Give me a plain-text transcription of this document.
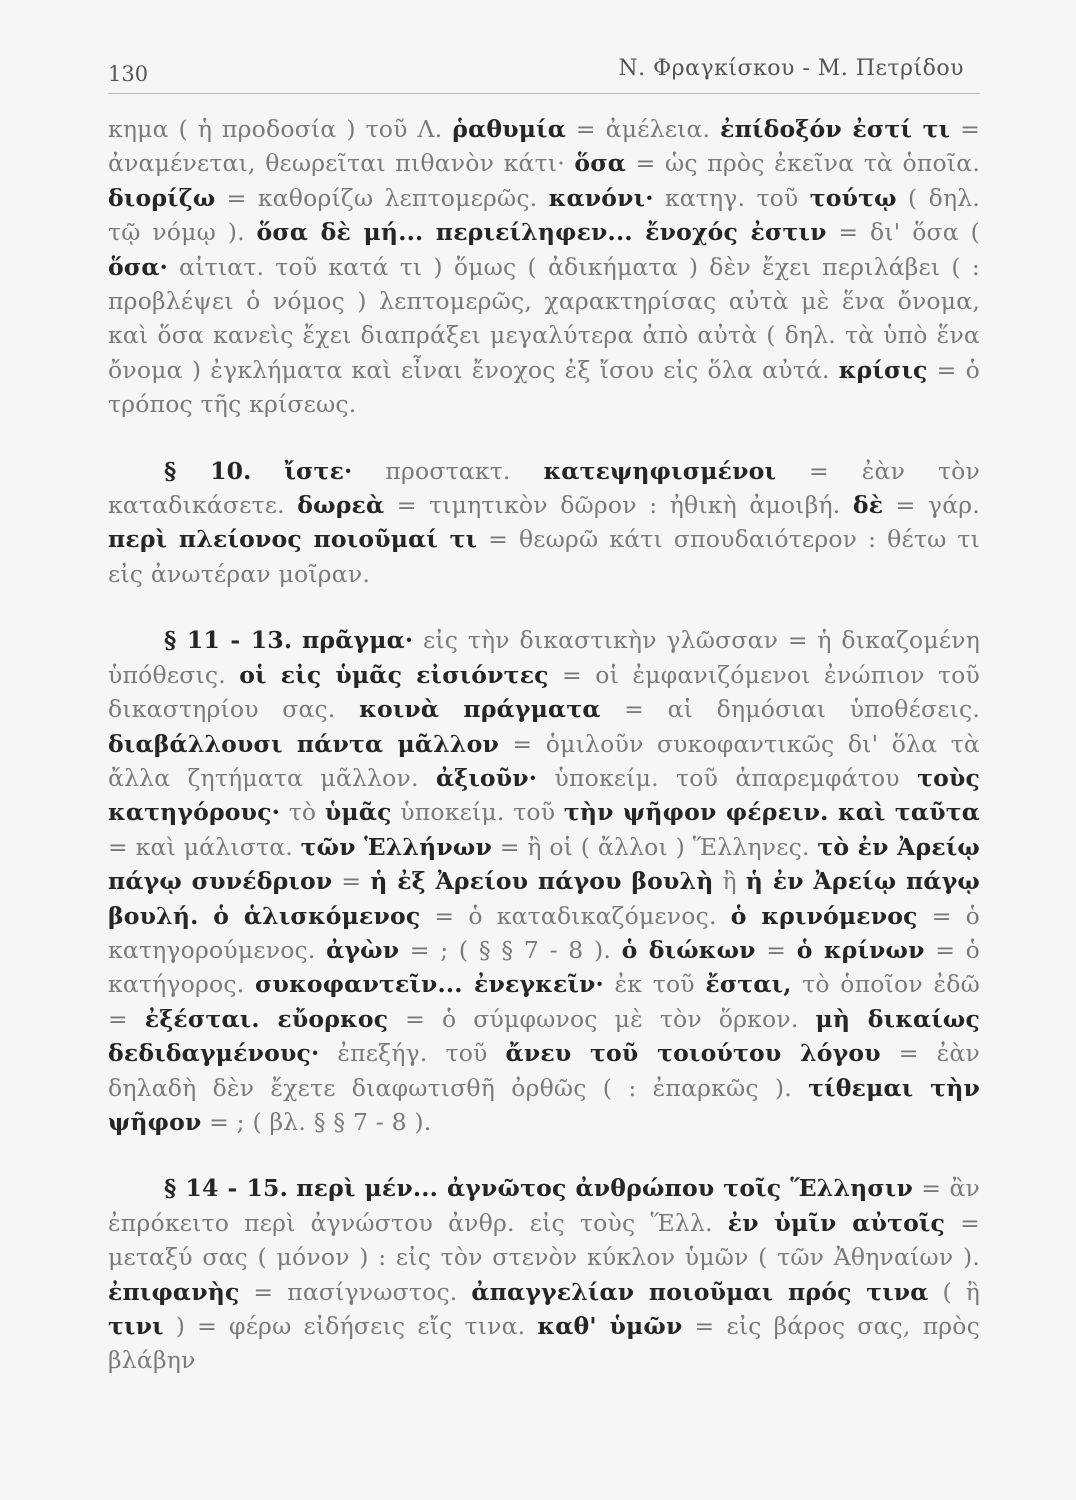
130	Ν. Φραγκίσκου - Μ. Πετρίδου

κημα ( ἡ προδοσία ) τοῦ Λ. ῥαθυμία = ἀμέλεια. ἐπίδοξόν ἐστί τι = ἀναμένεται, θεωρεῖται πιθανὸν κάτι· ὅσα = ὡς πρὸς ἐκεῖνα τὰ ὁποῖα. διορίζω = καθορίζω λεπτομερῶς. κανόνι· κατηγ. τοῦ τούτῳ ( δηλ. τῷ νόμῳ ). ὅσα δὲ μή... περιείληφεν... ἔνοχός ἐστιν = δι' ὅσα ( ὅσα· αἰτιατ. τοῦ κατά τι ) ὅμως ( ἀδικήματα ) δὲν ἔχει περιλάβει ( : προβλέψει ὁ νόμος ) λεπτομερῶς, χαρακτηρίσας αὐτὰ μὲ ἕνα ὄνομα, καὶ ὅσα κανεὶς ἔχει διαπράξει μεγαλύτερα ἀπὸ αὐτὰ ( δηλ. τὰ ὑπὸ ἕνα ὄνομα ) ἐγκλήματα καὶ εἶναι ἔνοχος ἐξ ἴσου εἰς ὅλα αὐτά. κρίσις = ὁ τρόπος τῆς κρίσεως.

§ 10. ἴστε· προστακτ. κατεψηφισμένοι = ἐὰν τὸν καταδικάσετε. δωρεὰ = τιμητικὸν δῶρον : ἠθικὴ ἀμοιβή. δὲ = γάρ. περὶ πλείονος ποιοῦμαί τι = θεωρῶ κάτι σπουδαιότερον : θέτω τι εἰς ἀνωτέραν μοῖραν.

§ 11 - 13. πρᾶγμα· εἰς τὴν δικαστικὴν γλῶσσαν = ἡ δικαζομένη ὑπόθεσις. οἱ εἰς ὑμᾶς εἰσιόντες = οἱ ἐμφανιζόμενοι ἐνώπιον τοῦ δικαστηρίου σας. κοινὰ πράγματα = αἱ δημόσιαι ὑποθέσεις. διαβάλλουσι πάντα μᾶλλον = ὁμιλοῦν συκοφαντικῶς δι' ὅλα τὰ ἄλλα ζητήματα μᾶλλον. ἀξιοῦν· ὑποκείμ. τοῦ ἀπαρεμφάτου τοὺς κατηγόρους· τὸ ὑμᾶς ὑποκείμ. τοῦ τὴν ψῆφον φέρειν. καὶ ταῦτα = καὶ μάλιστα. τῶν Ἑλλήνων = ἢ οἱ ( ἄλλοι ) Ἕλληνες. τὸ ἐν Ἀρείῳ πάγῳ συνέδριον = ἡ ἐξ Ἀρείου πάγου βουλὴ ἢ ἡ ἐν Ἀρείῳ πάγῳ βουλή. ὁ ἁλισκόμενος = ὁ καταδικαζόμενος. ὁ κρινόμενος = ὁ κατηγορούμενος. ἀγὼν = ; ( § § 7 - 8 ). ὁ διώκων = ὁ κρίνων = ὁ κατήγορος. συκοφαντεῖν... ἐνεγκεῖν· ἐκ τοῦ ἔσται, τὸ ὁποῖον ἐδῶ = ἐξέσται. εὔορκος = ὁ σύμφωνος μὲ τὸν ὅρκον. μὴ δικαίως δεδιδαγμένους· ἐπεξήγ. τοῦ ἄνευ τοῦ τοιούτου λόγου = ἐὰν δηλαδὴ δὲν ἔχετε διαφωτισθῆ ὀρθῶς ( : ἐπαρκῶς ). τίθεμαι τὴν ψῆφον = ; ( βλ. § § 7 - 8 ).

§ 14 - 15. περὶ μέν... ἀγνῶτος ἀνθρώπου τοῖς Ἕλλησιν = ἂν ἐπρόκειτο περὶ ἀγνώστου ἀνθρ. εἰς τοὺς Ἕλλ. ἐν ὑμῖν αὐτοῖς = μεταξύ σας ( μόνον ) : εἰς τὸν στενὸν κύκλον ὑμῶν ( τῶν Ἀθηναίων ). ἐπιφανὴς = πασίγνωστος. ἀπαγγελίαν ποιοῦμαι πρός τινα ( ἢ τινι ) = φέρω εἰδήσεις εἴς τινα. καθ' ὑμῶν = εἰς βάρος σας, πρὸς βλάβην
